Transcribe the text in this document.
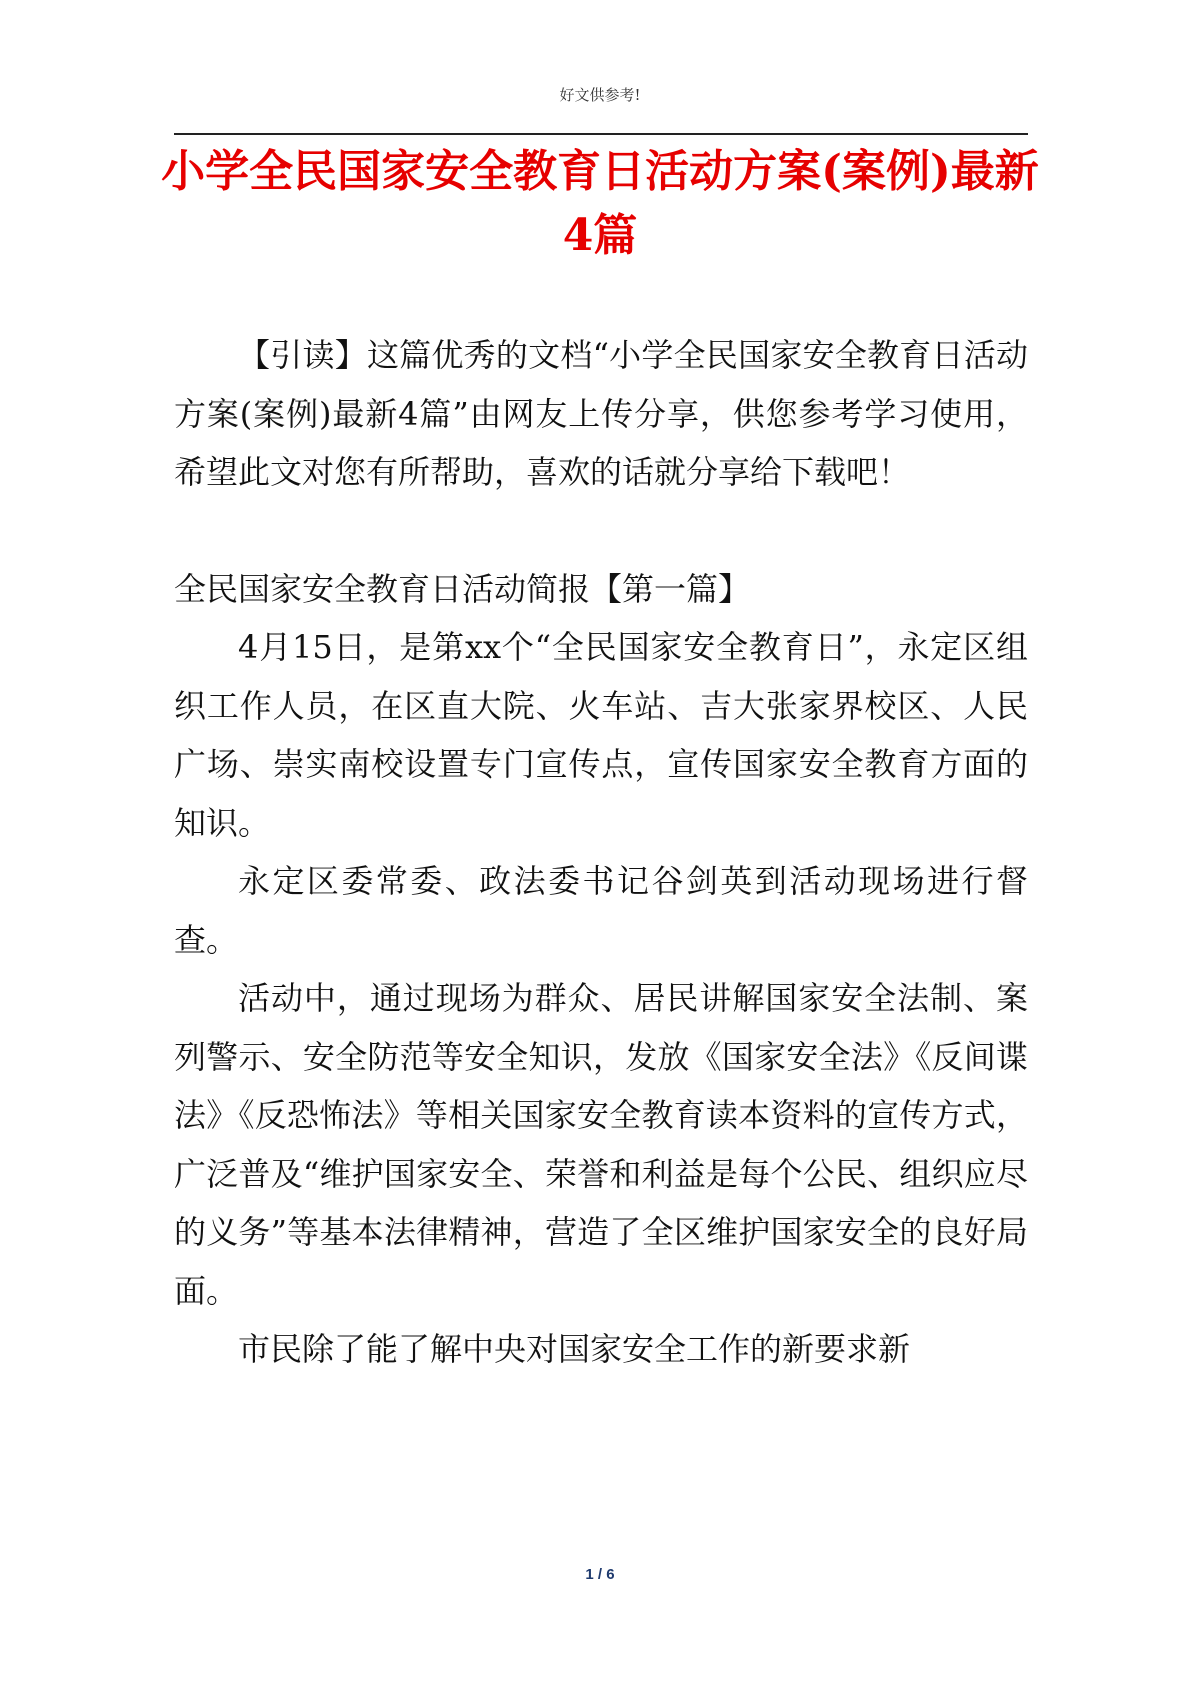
好文供参考!
小学全民国家安全教育日活动方案(案例)最新4篇

【引读】这篇优秀的文档“小学全民国家安全教育日活动方案(案例)最新4篇”由网友上传分享，供您参考学习使用，希望此文对您有所帮助，喜欢的话就分享给下载吧！

全民国家安全教育日活动简报【第一篇】

4月15日，是第xx个“全民国家安全教育日”，永定区组织工作人员，在区直大院、火车站、吉大张家界校区、人民广场、崇实南校设置专门宣传点，宣传国家安全教育方面的知识。

永定区委常委、政法委书记谷剑英到活动现场进行督查。

活动中，通过现场为群众、居民讲解国家安全法制、案列警示、安全防范等安全知识，发放《国家安全法》《反间谍法》《反恐怖法》等相关国家安全教育读本资料的宣传方式，广泛普及“维护国家安全、荣誉和利益是每个公民、组织应尽的义务”等基本法律精神，营造了全区维护国家安全的良好局面。

市民除了能了解中央对国家安全工作的新要求新

1 / 6
